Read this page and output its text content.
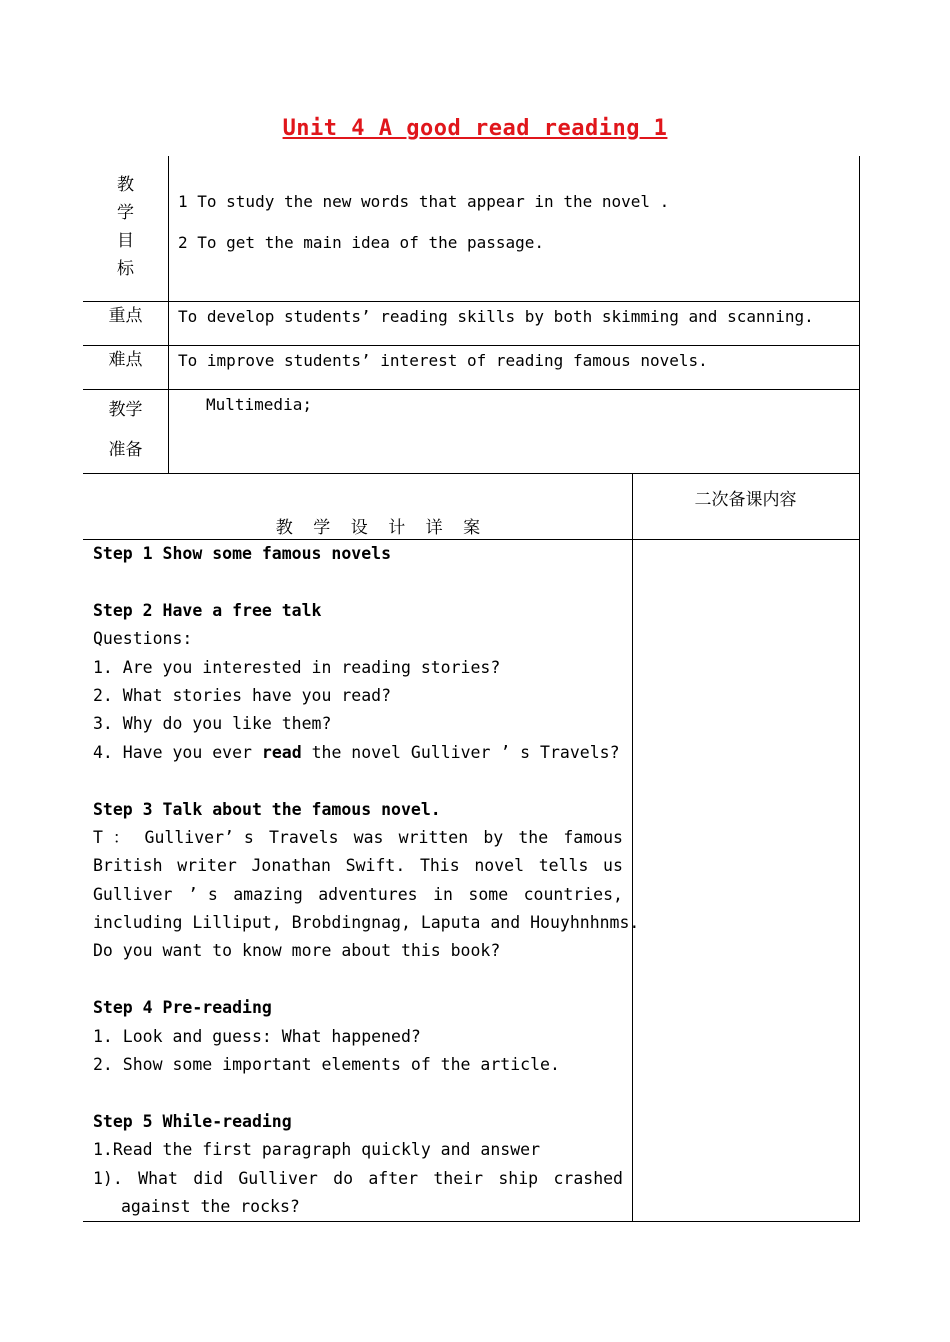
Unit 4 A good read reading 1
教
学
目
标
1 To study the new words that appear in the novel .
2 To get the main idea of the passage.
重点	To develop students’ reading skills by both skimming and scanning.
难点	To improve students’ interest of reading famous novels.
教学
准备
Multimedia;

教  学  设  计  详  案

二次备课内容
Step 1 Show some famous novels
Step 2 Have a free talk
Questions:
1. Are you interested in reading stories?
2. What stories have you read?
3. Why do you like them?
4. Have you ever read the novel Gulliver ’ s Travels?
Step 3 Talk about the famous novel.
T ： Gulliver’ s Travels was written by the famous
British writer Jonathan Swift. This novel tells us
Gulliver ’ s amazing adventures in some countries,
including Lilliput, Brobdingnag, Laputa and Houyhnhnms.
Do you want to know more about this book?
Step 4 Pre-reading
1. Look and guess: What happened?
2. Show some important elements of the article.
Step 5 While-reading
1.Read the first paragraph quickly and answer
1). What did Gulliver do after their ship crashed
against the rocks?
